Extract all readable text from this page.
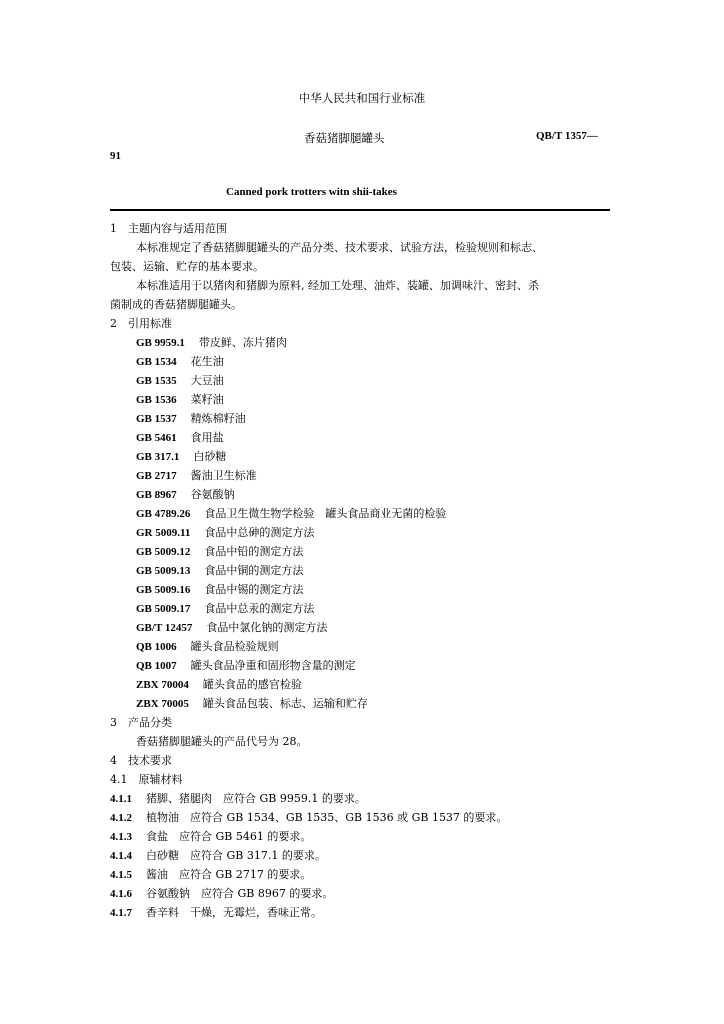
中华人民共和国行业标准
香菇猪脚腿罐头	QB/T 1357—
91
Canned pork trotters witn shii-takes
1　主题内容与适用范围
本标准规定了香菇猪脚腿罐头的产品分类、技术要求、试验方法，检验规则和标志、
包装、运输、贮存的基本要求。
本标准适用于以猪肉和猪脚为原料, 经加工处理、油炸、装罐、加调味汁、密封、杀
菌制成的香菇猪脚腿罐头。
2　引用标准
GB 9959.1 带皮鲜、冻片猪肉
GB 1534 花生油
GB 1535 大豆油
GB 1536 菜籽油
GB 1537 精炼棉籽油
GB 5461 食用盐
GB 317.1 白砂糖
GB 2717 酱油卫生标准
GB 8967 谷氨酸钠
GB 4789.26 食品卫生微生物学检验　罐头食品商业无菌的检验
GR 5009.11 食品中总砷的测定方法
GB 5009.12 食品中铅的测定方法
GB 5009.13 食品中铜的测定方法
GB 5009.16 食品中锡的测定方法
GB 5009.17 食品中总汞的测定方法
GB/T 12457 食品中氯化钠的测定方法
QB 1006 罐头食品检验规则
QB 1007 罐头食品净重和固形物含量的测定
ZBX 70004 罐头食品的感官检验
ZBX 70005 罐头食品包装、标志、运输和贮存
3　产品分类
香菇猪脚腿罐头的产品代号为 28。
4　技术要求
4.1　原辅材料
4.1.1 猪脚、猪腿肉　应符合 GB 9959.1 的要求。
4.1.2 植物油　应符合 GB 1534、GB 1535、GB 1536 或 GB 1537 的要求。
4.1.3 食盐　应符合 GB 5461 的要求。
4.1.4 白砂糖　应符合 GB 317.1 的要求。
4.1.5 酱油　应符合 GB 2717 的要求。
4.1.6 谷氨酸钠　应符合 GB 8967 的要求。
4.1.7 香辛料　干燥，无霉烂，香味正常。
